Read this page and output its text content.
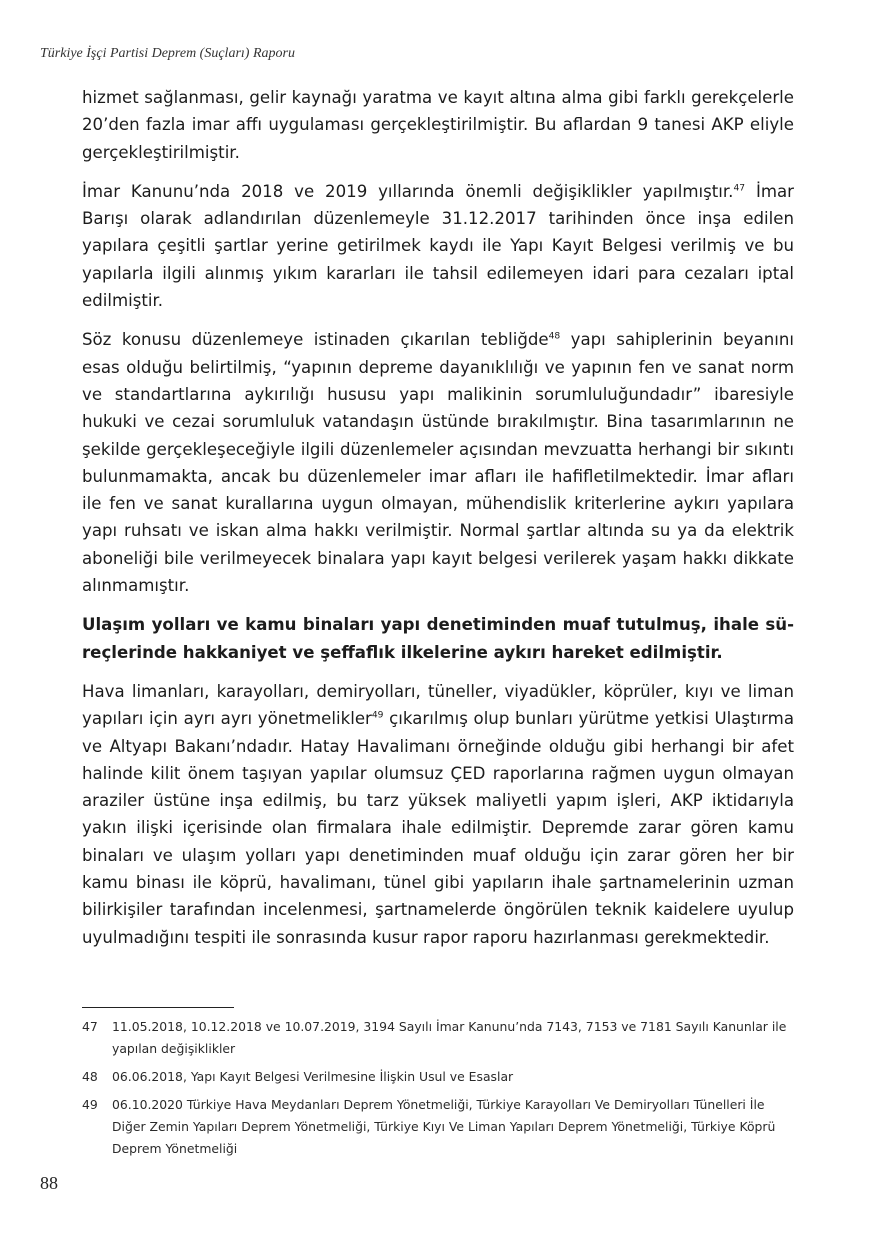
Türkiye İşçi Partisi Deprem (Suçları) Raporu

hizmet sağlanması, gelir kaynağı yaratma ve kayıt altına alma gibi farklı gerekçelerle 20’den fazla imar affı uygulaması gerçekleştirilmiştir. Bu aflardan 9 tanesi AKP eliyle gerçekleştirilmiştir.

İmar Kanunu’nda 2018 ve 2019 yıllarında önemli değişiklikler yapılmıştır.$^{47}$ İmar Barışı olarak adlandırılan düzenlemeyle 31.12.2017 tarihinden önce inşa edilen yapılara çeşitli şartlar yerine getirilmek kaydı ile Yapı Kayıt Belgesi verilmiş ve bu yapılarla ilgili alınmış yıkım kararları ile tahsil edilemeyen idari para cezaları iptal edilmiştir.

Söz konusu düzenlemeye istinaden çıkarılan tebliğde$^{48}$ yapı sahiplerinin beyanını esas olduğu belirtilmiş, “yapının depreme dayanıklılığı ve yapının fen ve sanat norm ve standartlarına aykırılığı hususu yapı malikinin sorumluluğundadır” ibaresiyle hukuki ve cezai sorumluluk vatandaşın üstünde bırakılmıştır. Bina tasarımlarının ne şekilde gerçekleşeceğiyle ilgili düzenlemeler açısından mevzuatta herhangi bir sıkıntı bulunmamakta, ancak bu düzenlemeler imar afları ile hafifletilmektedir. İmar afları ile fen ve sanat kurallarına uygun olmayan, mühendislik kriterlerine aykırı yapılara yapı ruhsatı ve iskan alma hakkı verilmiştir. Normal şartlar altında su ya da elektrik aboneliği bile verilmeyecek binalara yapı kayıt belgesi verilerek yaşam hakkı dikkate alınmamıştır.

Ulaşım yolları ve kamu binaları yapı denetiminden muaf tutulmuş, ihale süreçlerinde hakkaniyet ve şeffaflık ilkelerine aykırı hareket edilmiştir.

Hava limanları, karayolları, demiryolları, tüneller, viyadükler, köprüler, kıyı ve liman yapıları için ayrı ayrı yönetmelikler$^{49}$ çıkarılmış olup bunları yürütme yetkisi Ulaştırma ve Altyapı Bakanı’ndadır. Hatay Havalimanı örneğinde olduğu gibi herhangi bir afet halinde kilit önem taşıyan yapılar olumsuz ÇED raporlarına rağmen uygun olmayan araziler üstüne inşa edilmiş, bu tarz yüksek maliyetli yapım işleri, AKP iktidarıyla yakın ilişki içerisinde olan firmalara ihale edilmiştir. Depremde zarar gören kamu binaları ve ulaşım yolları yapı denetiminden muaf olduğu için zarar gören her bir kamu binası ile köprü, havalimanı, tünel gibi yapıların ihale şartnamelerinin uzman bilirkişiler tarafından incelenmesi, şartnamelerde öngörülen teknik kaidelere uyulup uyulmadığını tespiti ile sonrasında kusur rapor raporu hazırlanması gerekmektedir.

47	11.05.2018, 10.12.2018 ve 10.07.2019, 3194 Sayılı İmar Kanunu’nda 7143, 7153 ve 7181 Sayılı Kanunlar ile yapılan değişiklikler
48	06.06.2018, Yapı Kayıt Belgesi Verilmesine İlişkin Usul ve Esaslar
49	06.10.2020 Türkiye Hava Meydanları Deprem Yönetmeliği, Türkiye Karayolları Ve Demiryolları Tünelleri İle Diğer Zemin Yapıları Deprem Yönetmeliği, Türkiye Kıyı Ve Liman Yapıları Deprem Yönetmeliği, Türkiye Köprü Deprem Yönetmeliği
88
